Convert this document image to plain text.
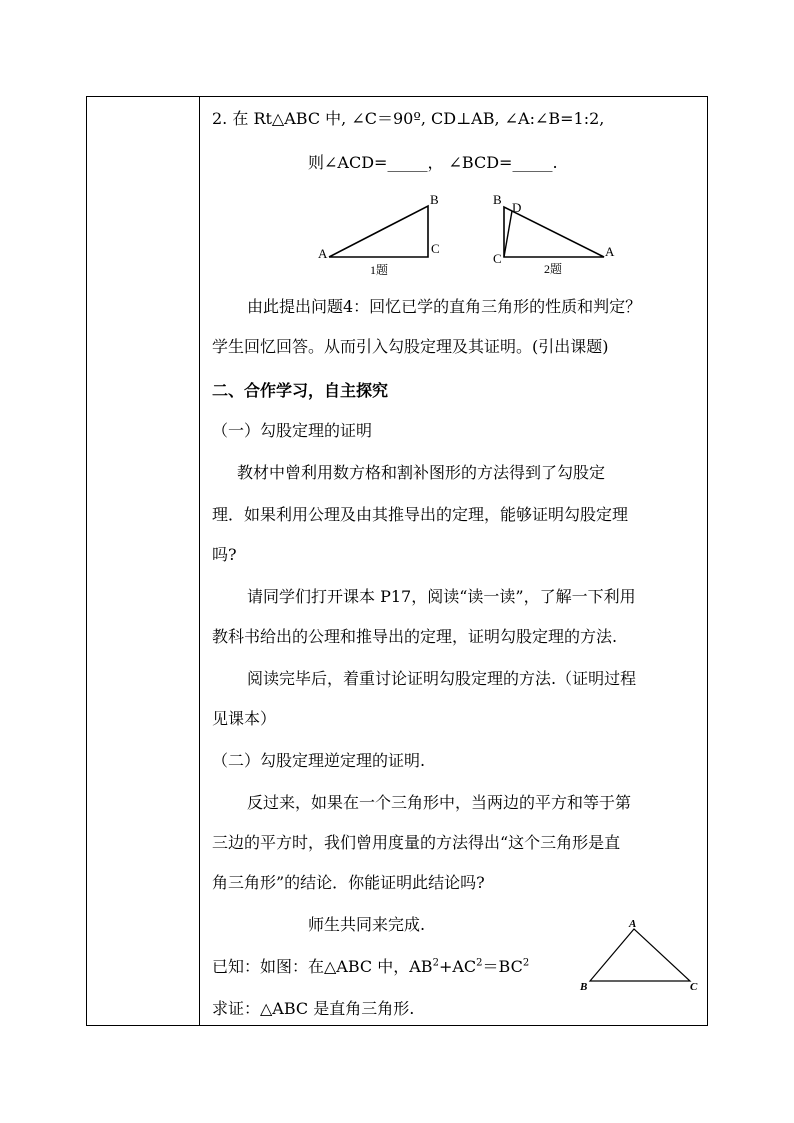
2. 在 Rt△ABC 中, ∠C＝90º, CD⊥AB, ∠A:∠B=1:2,
则∠ACD=_____， ∠BCD=_____.
A
B
C
1题
B
D
C	A
2题
由此提出问题4：回忆已学的直角三角形的性质和判定？
学生回忆回答。从而引入勾股定理及其证明。(引出课题)
二、合作学习，自主探究
（一）勾股定理的证明
教材中曾利用数方格和割补图形的方法得到了勾股定
理．如果利用公理及由其推导出的定理，能够证明勾股定理
吗?
请同学们打开课本 P17，阅读“读一读”，了解一下利用
教科书给出的公理和推导出的定理，证明勾股定理的方法.
阅读完毕后，着重讨论证明勾股定理的方法.（证明过程
见课本）
（二）勾股定理逆定理的证明.
反过来，如果在一个三角形中，当两边的平方和等于第
三边的平方时，我们曾用度量的方法得出“这个三角形是直
角三角形”的结论．你能证明此结论吗?
师生共同来完成.
已知：如图：在△ABC 中，$AB^2+AC^2=BC^2$
求证：△ABC 是直角三角形.
A
B	C
